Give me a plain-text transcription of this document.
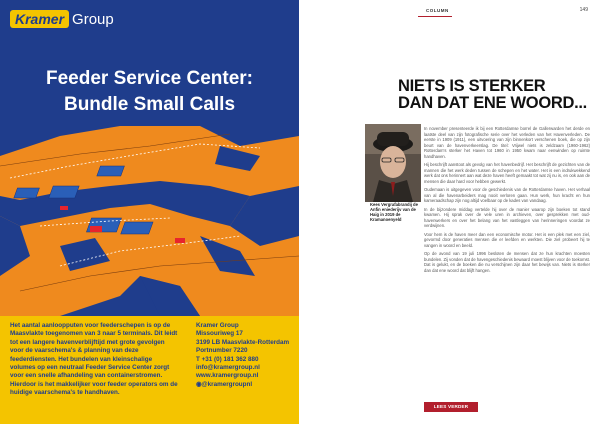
Kramer Group
Feeder Service Center:
Bundle Small Calls
Het aantal aanloopputen voor feederschepen is op de Maasvlakte toegenomen van 3 naar 5 terminals. Dit leidt tot een langere havenverblijftijd met grote gevolgen voor de vaarschema's & planning van deze feederdiensten. Het bundelen van kleinschalige volumes op een neutraal Feeder Service Center zorgt voor een snelle afhandeling van containerstromen. Hierdoor is het makkelijker voor feeder operators om de huidige vaarschema's te handhaven.
Kramer Group
Missouriweg 17
3199 LB Maasvlakte-Rotterdam
Portnumber 7220
T +31 (0) 181 362 880
info@kramergroup.nl
www.kramergroup.nl
◉@kramergroupnl
COLUMN	149
NIETS IS STERKER
DAN DAT ENE WOORD...
Kees Vergrafabrandij de Anfin eniederijv van de Haig in 2019 de Kramanoenyeld

In november presenteerde ik bij een Rotterdamse borrel de Gallerwarden het derde en laatste deel van zijn fotografische serie over het verleden van het Havenverleden. De eerste in 1909 (1911), een uitvoering van zijn binnenkort verschenen boek, die op zijn beurt van de havenverkeerslag. De titel: Vrijwel niets is zeldzaam (1960-1962) Rotterdam's sterker het Haven tot 1960 in 1950 kwam naar eenwinden op ruimte handhaven.

Hij beschrijft aanstoot als gevolg van het havenbedrijf. Het beschrijft de gezichten van de mannen die het werk deden tussen de schepen en het water. Het is een indrukwekkend werk dat ons herinnert aan wat deze haven heeft gemaakt tot wat zij nu is, en ook aan de mensen die daar hard voor hebben gewerkt.

Oudemaan is uitgegeven voor de geschiedenis van de Rotterdamse haven. Het verhaal van al die havenarbeiders mag nooit verloren gaan. Hun werk, hun kracht en hun kameraadschap zijn nog altijd voelbaar op de kades van vandaag.

In de bijzondere middag vertelde hij over de manier waarop zijn boeken tot stand kwamen. Hij sprak over de vele uren in archieven, over gesprekken met oud-havenwerkers en over het belang van het vastleggen van herinneringen voordat ze verdwijnen.

Voor hem is de haven meer dan een economische motor. Het is een plek met een ziel, gevormd door generaties mensen die er leefden en werkten. Die ziel probeert hij te vangen in woord en beeld.

Op de avond van 19 juli 1996 besloten de mensen dat ze hun krachten moesten bundelen. Zij vonden dat de havengeschiedenis bewaard moest blijven voor de toekomst. Dat is gelukt, en de boeken die nu verschijnen zijn daar het bewijs van. Niets is sterker dan dat ene woord dat blijft hangen.

LEES VERDER ONLINE
